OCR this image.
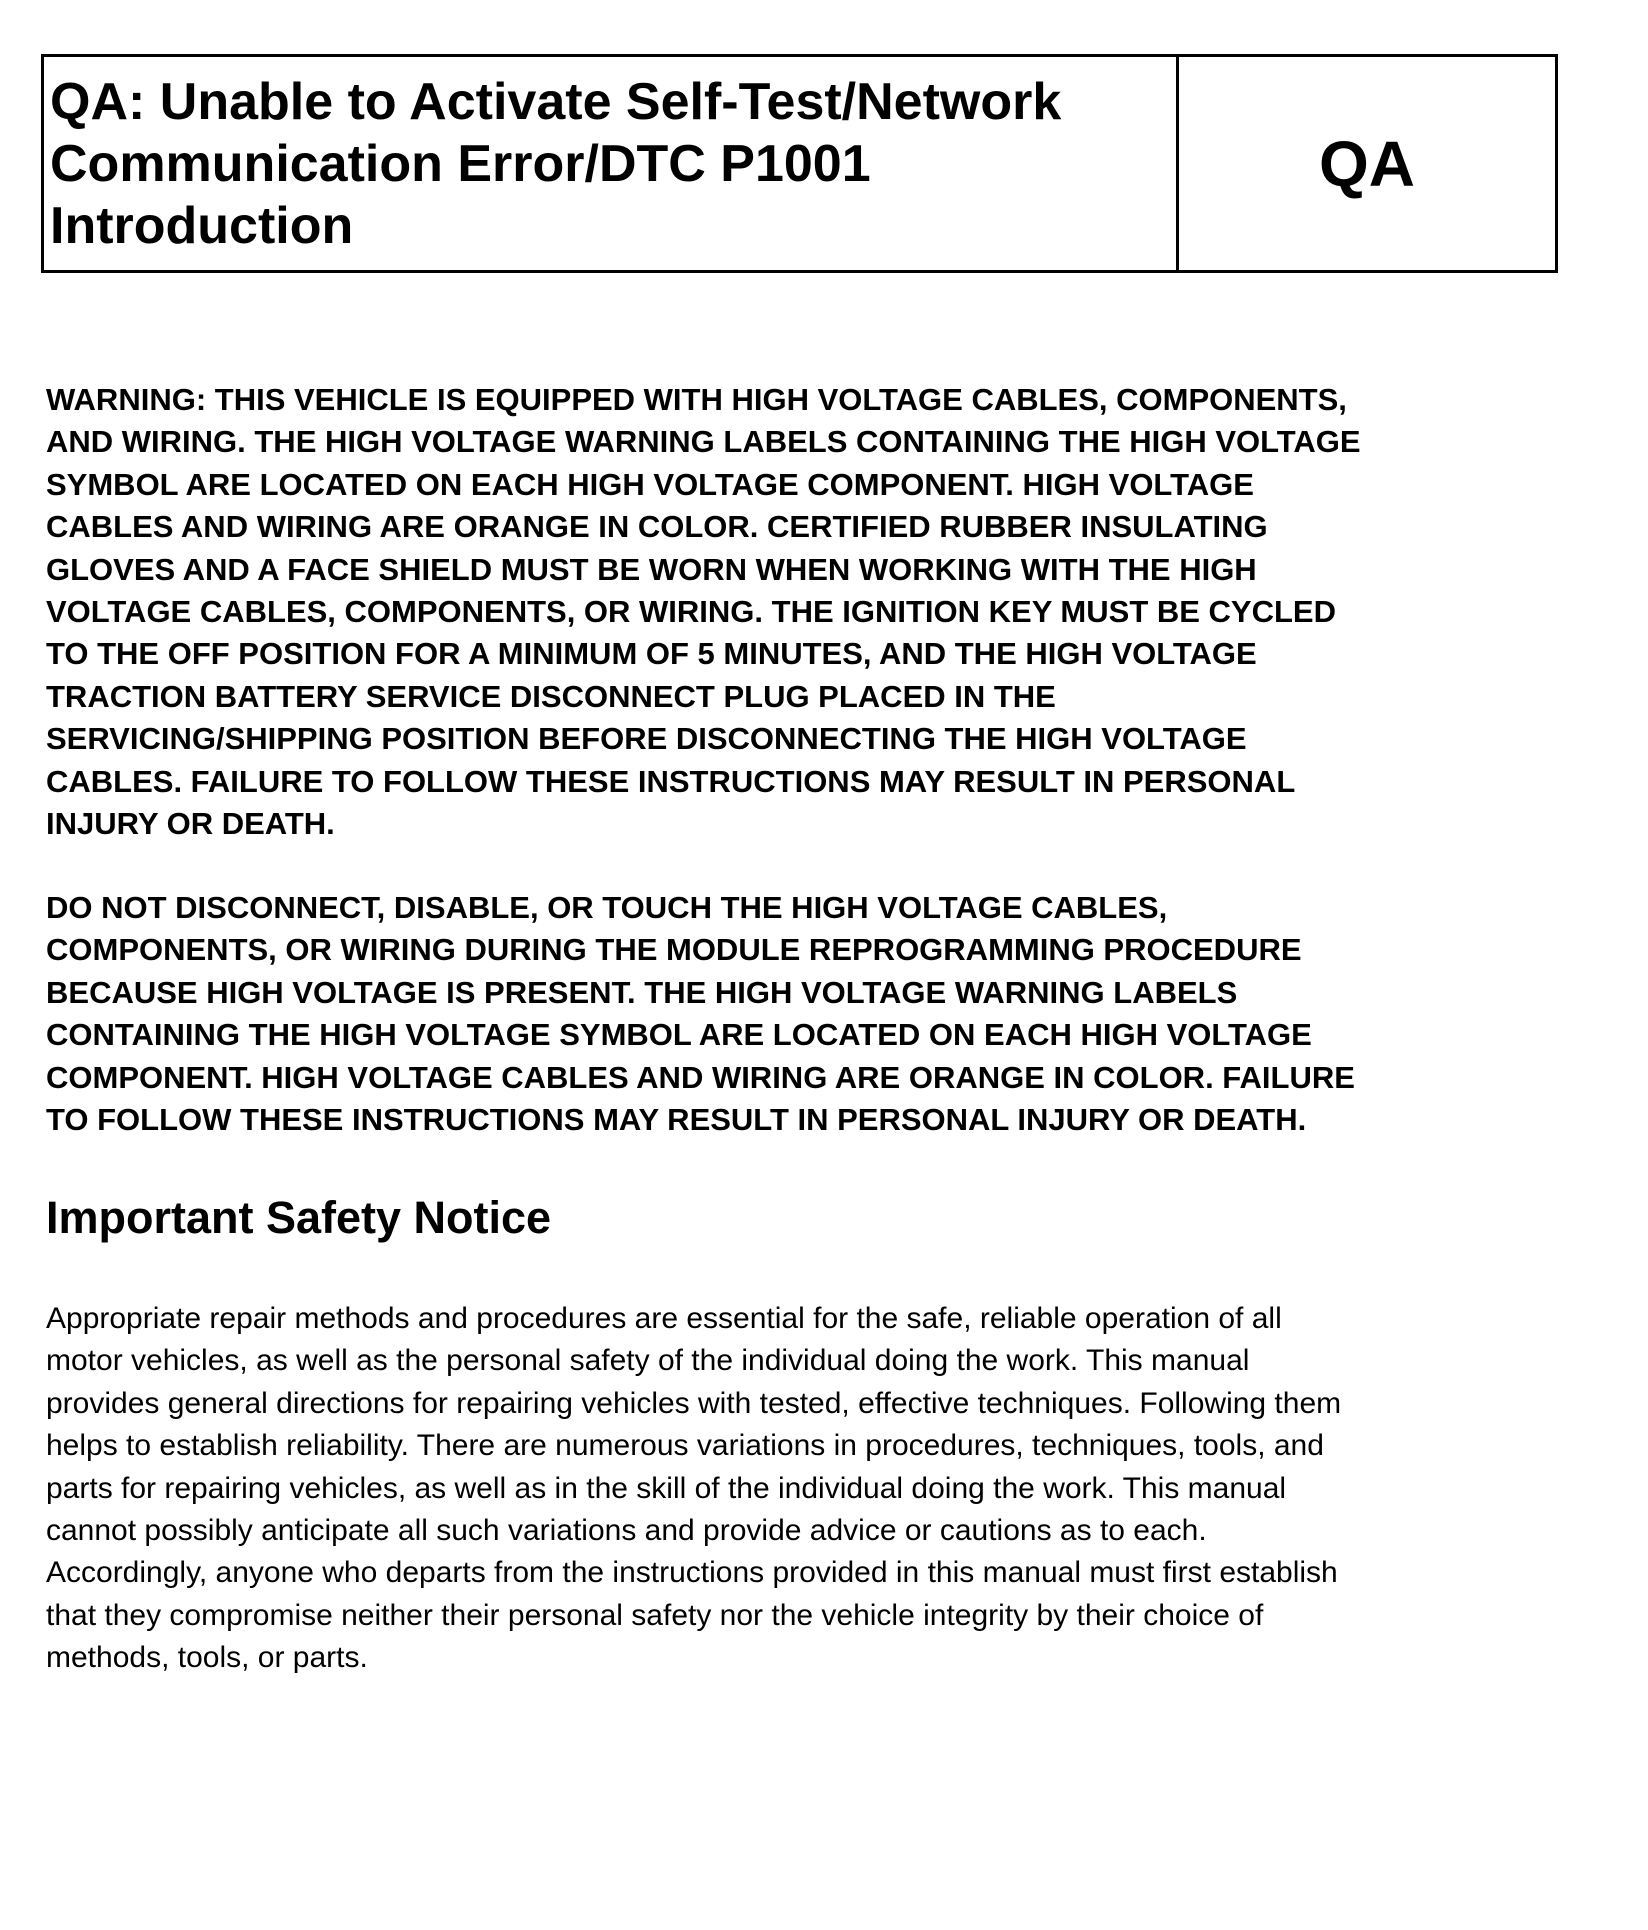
QA: Unable to Activate Self-Test/Network
Communication Error/DTC P1001
Introduction
QA

WARNING: THIS VEHICLE IS EQUIPPED WITH HIGH VOLTAGE CABLES, COMPONENTS,
AND WIRING. THE HIGH VOLTAGE WARNING LABELS CONTAINING THE HIGH VOLTAGE
SYMBOL ARE LOCATED ON EACH HIGH VOLTAGE COMPONENT. HIGH VOLTAGE
CABLES AND WIRING ARE ORANGE IN COLOR. CERTIFIED RUBBER INSULATING
GLOVES AND A FACE SHIELD MUST BE WORN WHEN WORKING WITH THE HIGH
VOLTAGE CABLES, COMPONENTS, OR WIRING. THE IGNITION KEY MUST BE CYCLED
TO THE OFF POSITION FOR A MINIMUM OF 5 MINUTES, AND THE HIGH VOLTAGE
TRACTION BATTERY SERVICE DISCONNECT PLUG PLACED IN THE
SERVICING/SHIPPING POSITION BEFORE DISCONNECTING THE HIGH VOLTAGE
CABLES. FAILURE TO FOLLOW THESE INSTRUCTIONS MAY RESULT IN PERSONAL
INJURY OR DEATH.

DO NOT DISCONNECT, DISABLE, OR TOUCH THE HIGH VOLTAGE CABLES,
COMPONENTS, OR WIRING DURING THE MODULE REPROGRAMMING PROCEDURE
BECAUSE HIGH VOLTAGE IS PRESENT. THE HIGH VOLTAGE WARNING LABELS
CONTAINING THE HIGH VOLTAGE SYMBOL ARE LOCATED ON EACH HIGH VOLTAGE
COMPONENT. HIGH VOLTAGE CABLES AND WIRING ARE ORANGE IN COLOR. FAILURE
TO FOLLOW THESE INSTRUCTIONS MAY RESULT IN PERSONAL INJURY OR DEATH.

Important Safety Notice

Appropriate repair methods and procedures are essential for the safe, reliable operation of all
motor vehicles, as well as the personal safety of the individual doing the work. This manual
provides general directions for repairing vehicles with tested, effective techniques. Following them
helps to establish reliability. There are numerous variations in procedures, techniques, tools, and
parts for repairing vehicles, as well as in the skill of the individual doing the work. This manual
cannot possibly anticipate all such variations and provide advice or cautions as to each.
Accordingly, anyone who departs from the instructions provided in this manual must first establish
that they compromise neither their personal safety nor the vehicle integrity by their choice of
methods, tools, or parts.
